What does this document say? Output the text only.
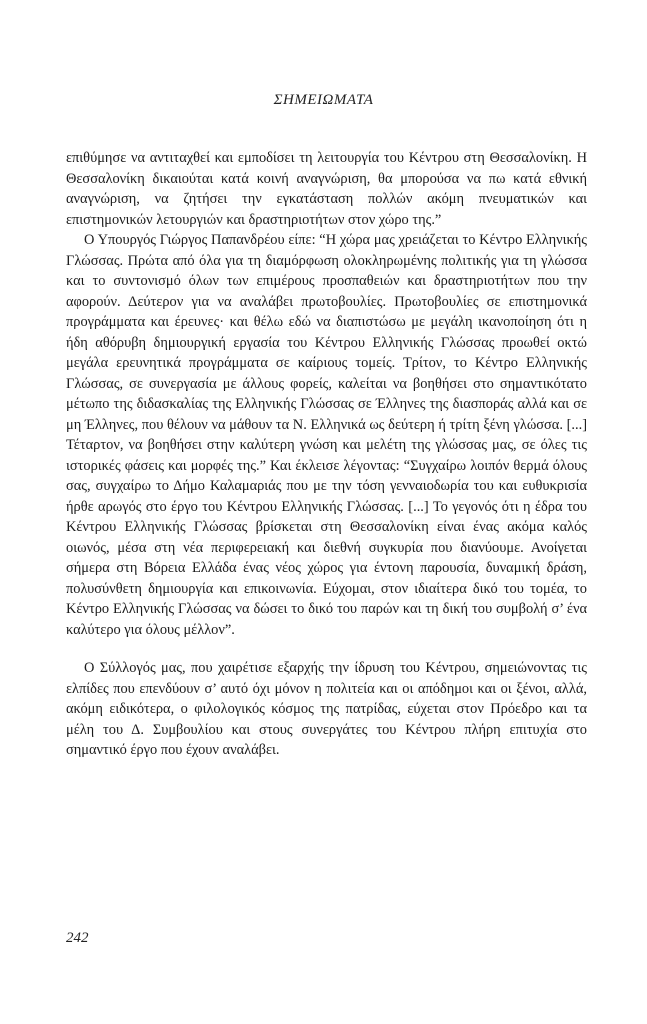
ΣΗΜΕΙΩΜΑΤΑ

επιθύμησε να αντιταχθεί και εμποδίσει τη λειτουργία του Κέντρου στη Θεσσαλονίκη. Η Θεσσαλονίκη δικαιούται κατά κοινή αναγνώριση, θα μπορούσα να πω κατά εθνική αναγνώριση, να ζητήσει την εγκατάσταση πολλών ακόμη πνευματικών και επιστημονικών λετουργιών και δραστηριοτήτων στον χώρο της.”

Ο Υπουργός Γιώργος Παπανδρέου είπε: “Η χώρα μας χρειάζεται το Κέντρο Ελληνικής Γλώσσας. Πρώτα από όλα για τη διαμόρφωση ολοκληρωμένης πολιτικής για τη γλώσσα και το συντονισμό όλων των επιμέρους προσπαθειών και δραστηριοτήτων που την αφορούν. Δεύτερον για να αναλάβει πρωτοβουλίες. Πρωτοβουλίες σε επιστημονικά προγράμματα και έρευνες· και θέλω εδώ να διαπιστώσω με μεγάλη ικανοποίηση ότι η ήδη αθόρυβη δημιουργική εργασία του Κέντρου Ελληνικής Γλώσσας προωθεί οκτώ μεγάλα ερευνητικά προγράμματα σε καίριους τομείς. Τρίτον, το Κέντρο Ελληνικής Γλώσσας, σε συνεργασία με άλλους φορείς, καλείται να βοηθήσει στο σημαντικότατο μέτωπο της διδασκαλίας της Ελληνικής Γλώσσας σε Έλληνες της διασποράς αλλά και σε μη Έλληνες, που θέλουν να μάθουν τα Ν. Ελληνικά ως δεύτερη ή τρίτη ξένη γλώσσα. [...] Τέταρτον, να βοηθήσει στην καλύτερη γνώση και μελέτη της γλώσσας μας, σε όλες τις ιστορικές φάσεις και μορφές της.” Και έκλεισε λέγοντας: “Συγχαίρω λοιπόν θερμά όλους σας, συγχαίρω το Δήμο Καλαμαριάς που με την τόση γενναιοδωρία του και ευθυκρισία ήρθε αρωγός στο έργο του Κέντρου Ελληνικής Γλώσσας. [...] Το γεγονός ότι η έδρα του Κέντρου Ελληνικής Γλώσσας βρίσκεται στη Θεσσαλονίκη είναι ένας ακόμα καλός οιωνός, μέσα στη νέα περιφερειακή και διεθνή συγκυρία που διανύουμε. Ανοίγεται σήμερα στη Βόρεια Ελλάδα ένας νέος χώρος για έντονη παρουσία, δυναμική δράση, πολυσύνθετη δημιουργία και επικοινωνία. Εύχομαι, στον ιδιαίτερα δικό του τομέα, το Κέντρο Ελληνικής Γλώσσας να δώσει το δικό του παρών και τη δική του συμβολή σ’ ένα καλύτερο για όλους μέλλον”.

Ο Σύλλογός μας, που χαιρέτισε εξαρχής την ίδρυση του Κέντρου, σημειώνοντας τις ελπίδες που επενδύουν σ’ αυτό όχι μόνον η πολιτεία και οι απόδημοι και οι ξένοι, αλλά, ακόμη ειδικότερα, ο φιλολογικός κόσμος της πατρίδας, εύχεται στον Πρόεδρο και τα μέλη του Δ. Συμβουλίου και στους συνεργάτες του Κέντρου πλήρη επιτυχία στο σημαντικό έργο που έχουν αναλάβει.

242
